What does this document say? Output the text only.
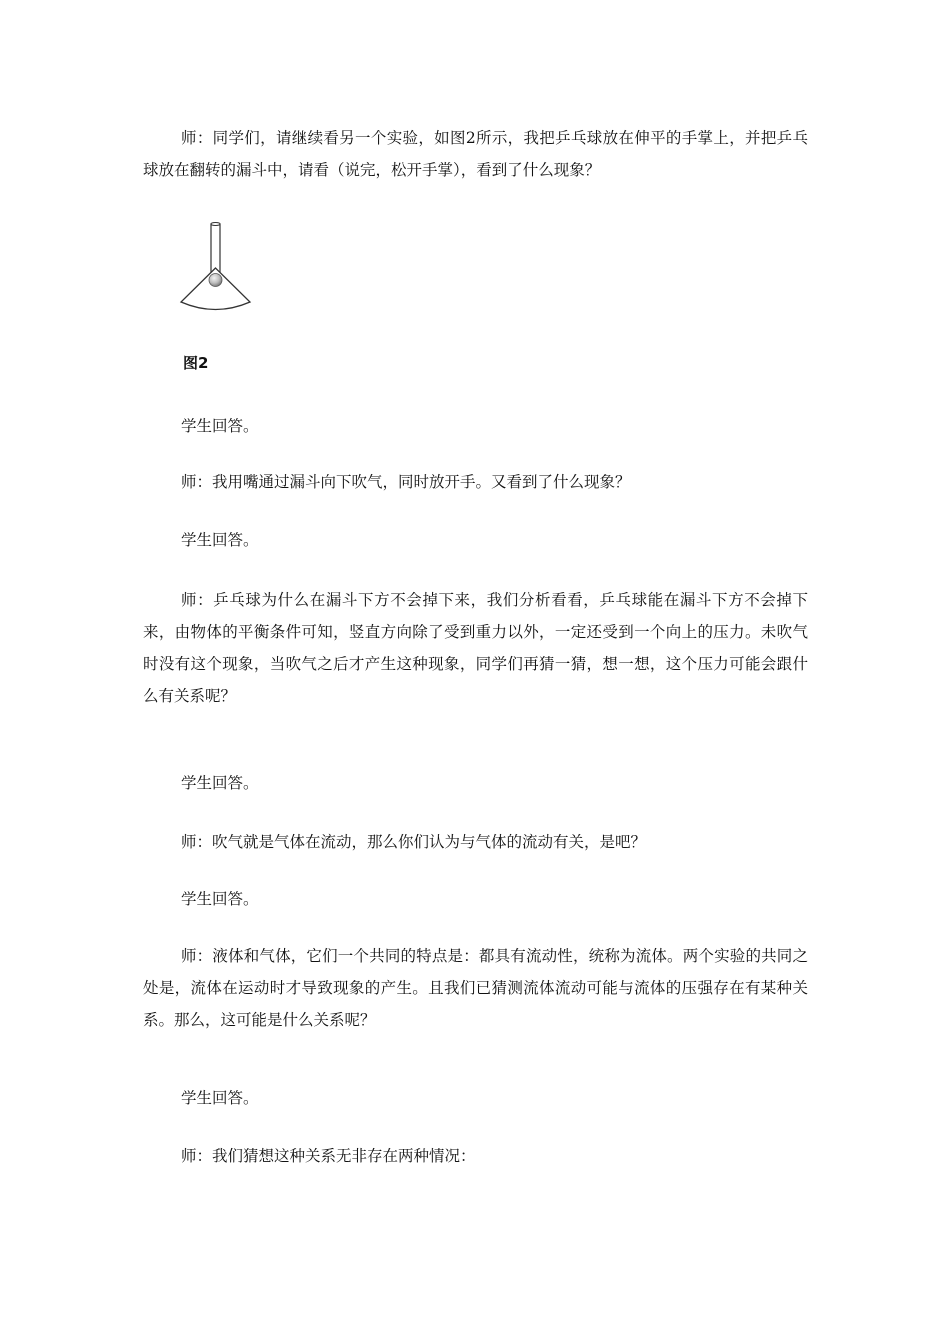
师：同学们，请继续看另一个实验，如图2所示，我把乒乓球放在伸平的手掌上，并把乒乓球放在翻转的漏斗中，请看（说完，松开手掌），看到了什么现象？

图2

学生回答。

师：我用嘴通过漏斗向下吹气，同时放开手。又看到了什么现象？

学生回答。

师：乒乓球为什么在漏斗下方不会掉下来，我们分析看看，乒乓球能在漏斗下方不会掉下来，由物体的平衡条件可知，竖直方向除了受到重力以外，一定还受到一个向上的压力。未吹气时没有这个现象，当吹气之后才产生这种现象，同学们再猜一猜，想一想，这个压力可能会跟什么有关系呢？

学生回答。

师：吹气就是气体在流动，那么你们认为与气体的流动有关，是吧？

学生回答。

师：液体和气体，它们一个共同的特点是：都具有流动性，统称为流体。两个实验的共同之处是，流体在运动时才导致现象的产生。且我们已猜测流体流动可能与流体的压强存在有某种关系。那么，这可能是什么关系呢？

学生回答。

师：我们猜想这种关系无非存在两种情况：
